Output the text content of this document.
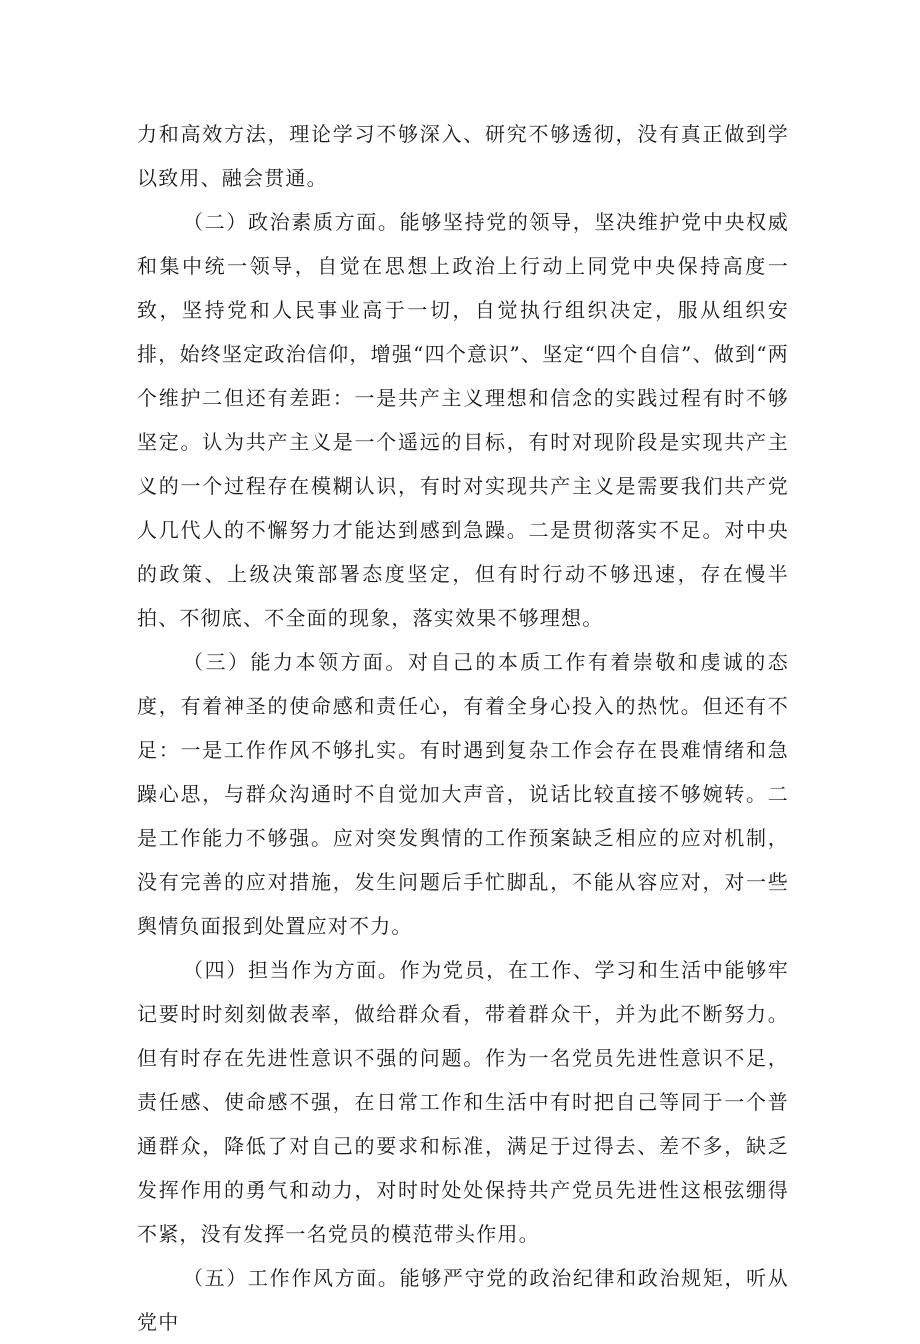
力和高效方法，理论学习不够深入、研究不够透彻，没有真正做到学以致用、融会贯通。

（二）政治素质方面。能够坚持党的领导，坚决维护党中央权威和集中统一领导，自觉在思想上政治上行动上同党中央保持高度一致，坚持党和人民事业高于一切，自觉执行组织决定，服从组织安排，始终坚定政治信仰，增强“四个意识”、坚定“四个自信”、做到“两个维护二但还有差距：一是共产主义理想和信念的实践过程有时不够坚定。认为共产主义是一个遥远的目标，有时对现阶段是实现共产主义的一个过程存在模糊认识，有时对实现共产主义是需要我们共产党人几代人的不懈努力才能达到感到急躁。二是贯彻落实不足。对中央的政策、上级决策部署态度坚定，但有时行动不够迅速，存在慢半拍、不彻底、不全面的现象，落实效果不够理想。

（三）能力本领方面。对自己的本质工作有着崇敬和虔诚的态度，有着神圣的使命感和责任心，有着全身心投入的热忱。但还有不足：一是工作作风不够扎实。有时遇到复杂工作会存在畏难情绪和急躁心思，与群众沟通时不自觉加大声音，说话比较直接不够婉转。二是工作能力不够强。应对突发舆情的工作预案缺乏相应的应对机制，没有完善的应对措施，发生问题后手忙脚乱，不能从容应对，对一些舆情负面报到处置应对不力。

（四）担当作为方面。作为党员，在工作、学习和生活中能够牢记要时时刻刻做表率，做给群众看，带着群众干，并为此不断努力。但有时存在先进性意识不强的问题。作为一名党员先进性意识不足，责任感、使命感不强，在日常工作和生活中有时把自己等同于一个普通群众，降低了对自己的要求和标准，满足于过得去、差不多，缺乏发挥作用的勇气和动力，对时时处处保持共产党员先进性这根弦绷得不紧，没有发挥一名党员的模范带头作用。

（五）工作作风方面。能够严守党的政治纪律和政治规矩，听从党中
